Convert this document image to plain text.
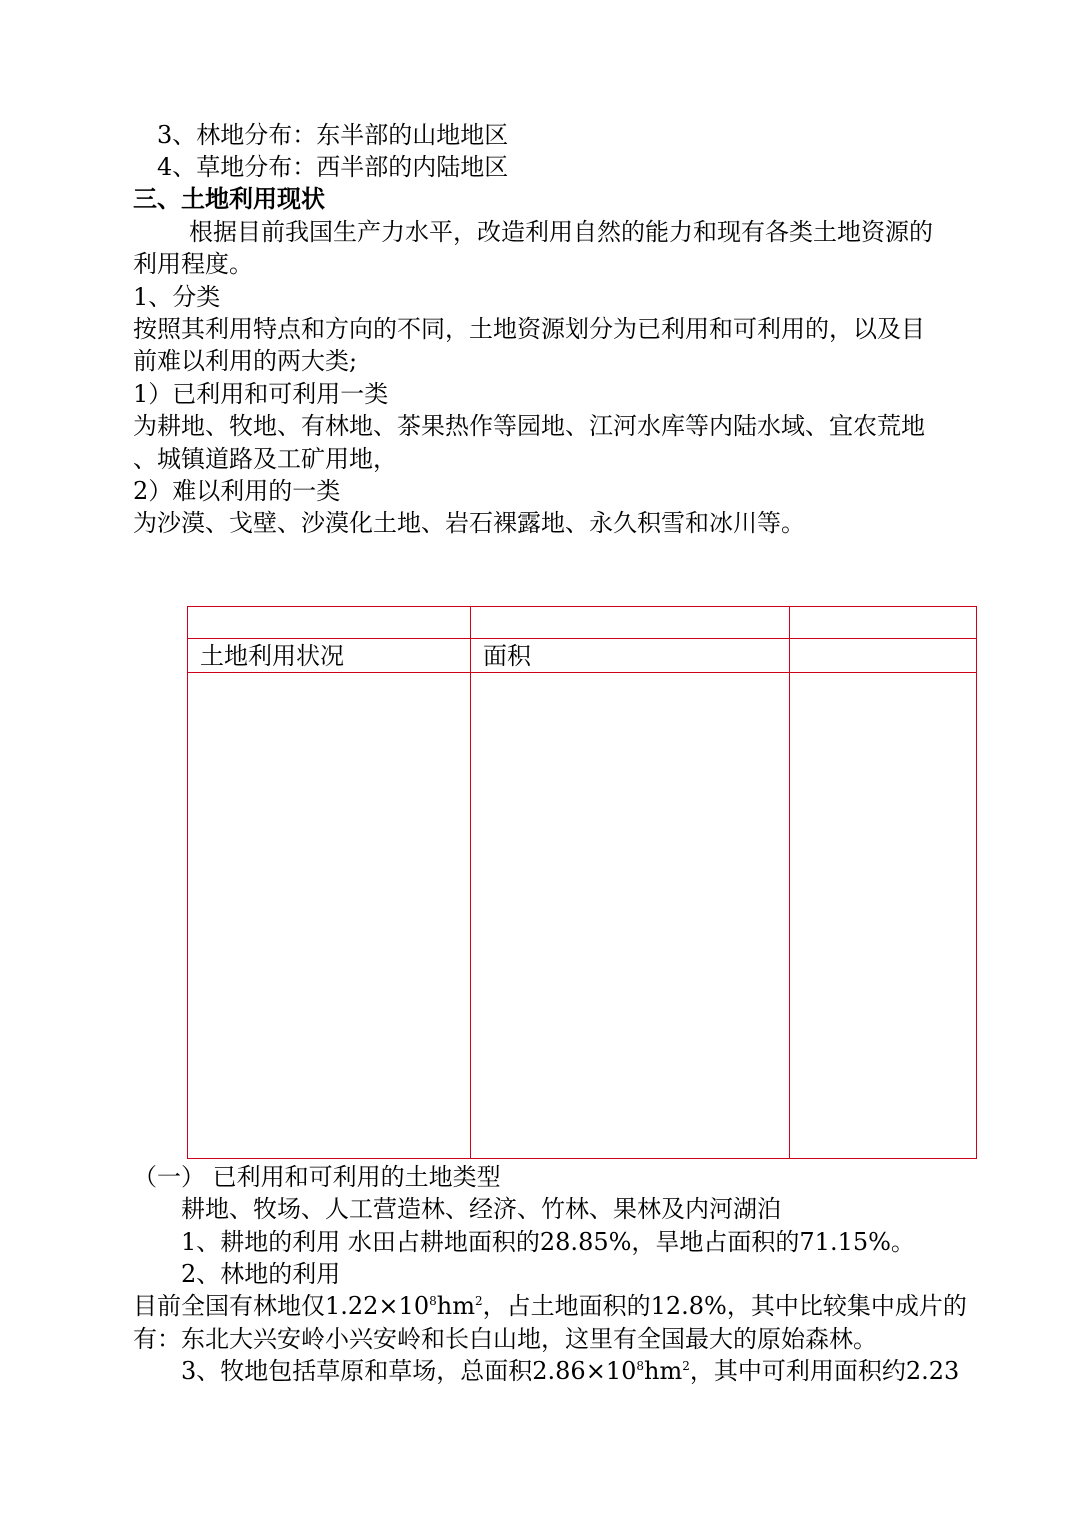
3、林地分布：东半部的山地地区
4、草地分布：西半部的内陆地区
三、土地利用现状
根据目前我国生产力水平，改造利用自然的能力和现有各类土地资源的
利用程度。
1、分类
按照其利用特点和方向的不同，土地资源划分为已利用和可利用的，以及目
前难以利用的两大类;
1）已利用和可利用一类
为耕地、牧地、有林地、茶果热作等园地、江河水库等内陆水域、宜农荒地
、城镇道路及工矿用地，
2）难以利用的一类
为沙漠、戈壁、沙漠化土地、岩石裸露地、永久积雪和冰川等。

土地利用状况	面积	

（一） 已利用和可利用的土地类型
耕地、牧场、人工营造林、经济、竹林、果林及内河湖泊
1、耕地的利用 水田占耕地面积的28.85%，旱地占面积的71.15%。
2、林地的利用
目前全国有林地仅$1.22\times 10^8hm^2$，占土地面积的12.8%，其中比较集中成片的
有：东北大兴安岭小兴安岭和长白山地，这里有全国最大的原始森林。
3、牧地包括草原和草场，总面积$2.86\times 10^8hm^2$，其中可利用面积约2.23
